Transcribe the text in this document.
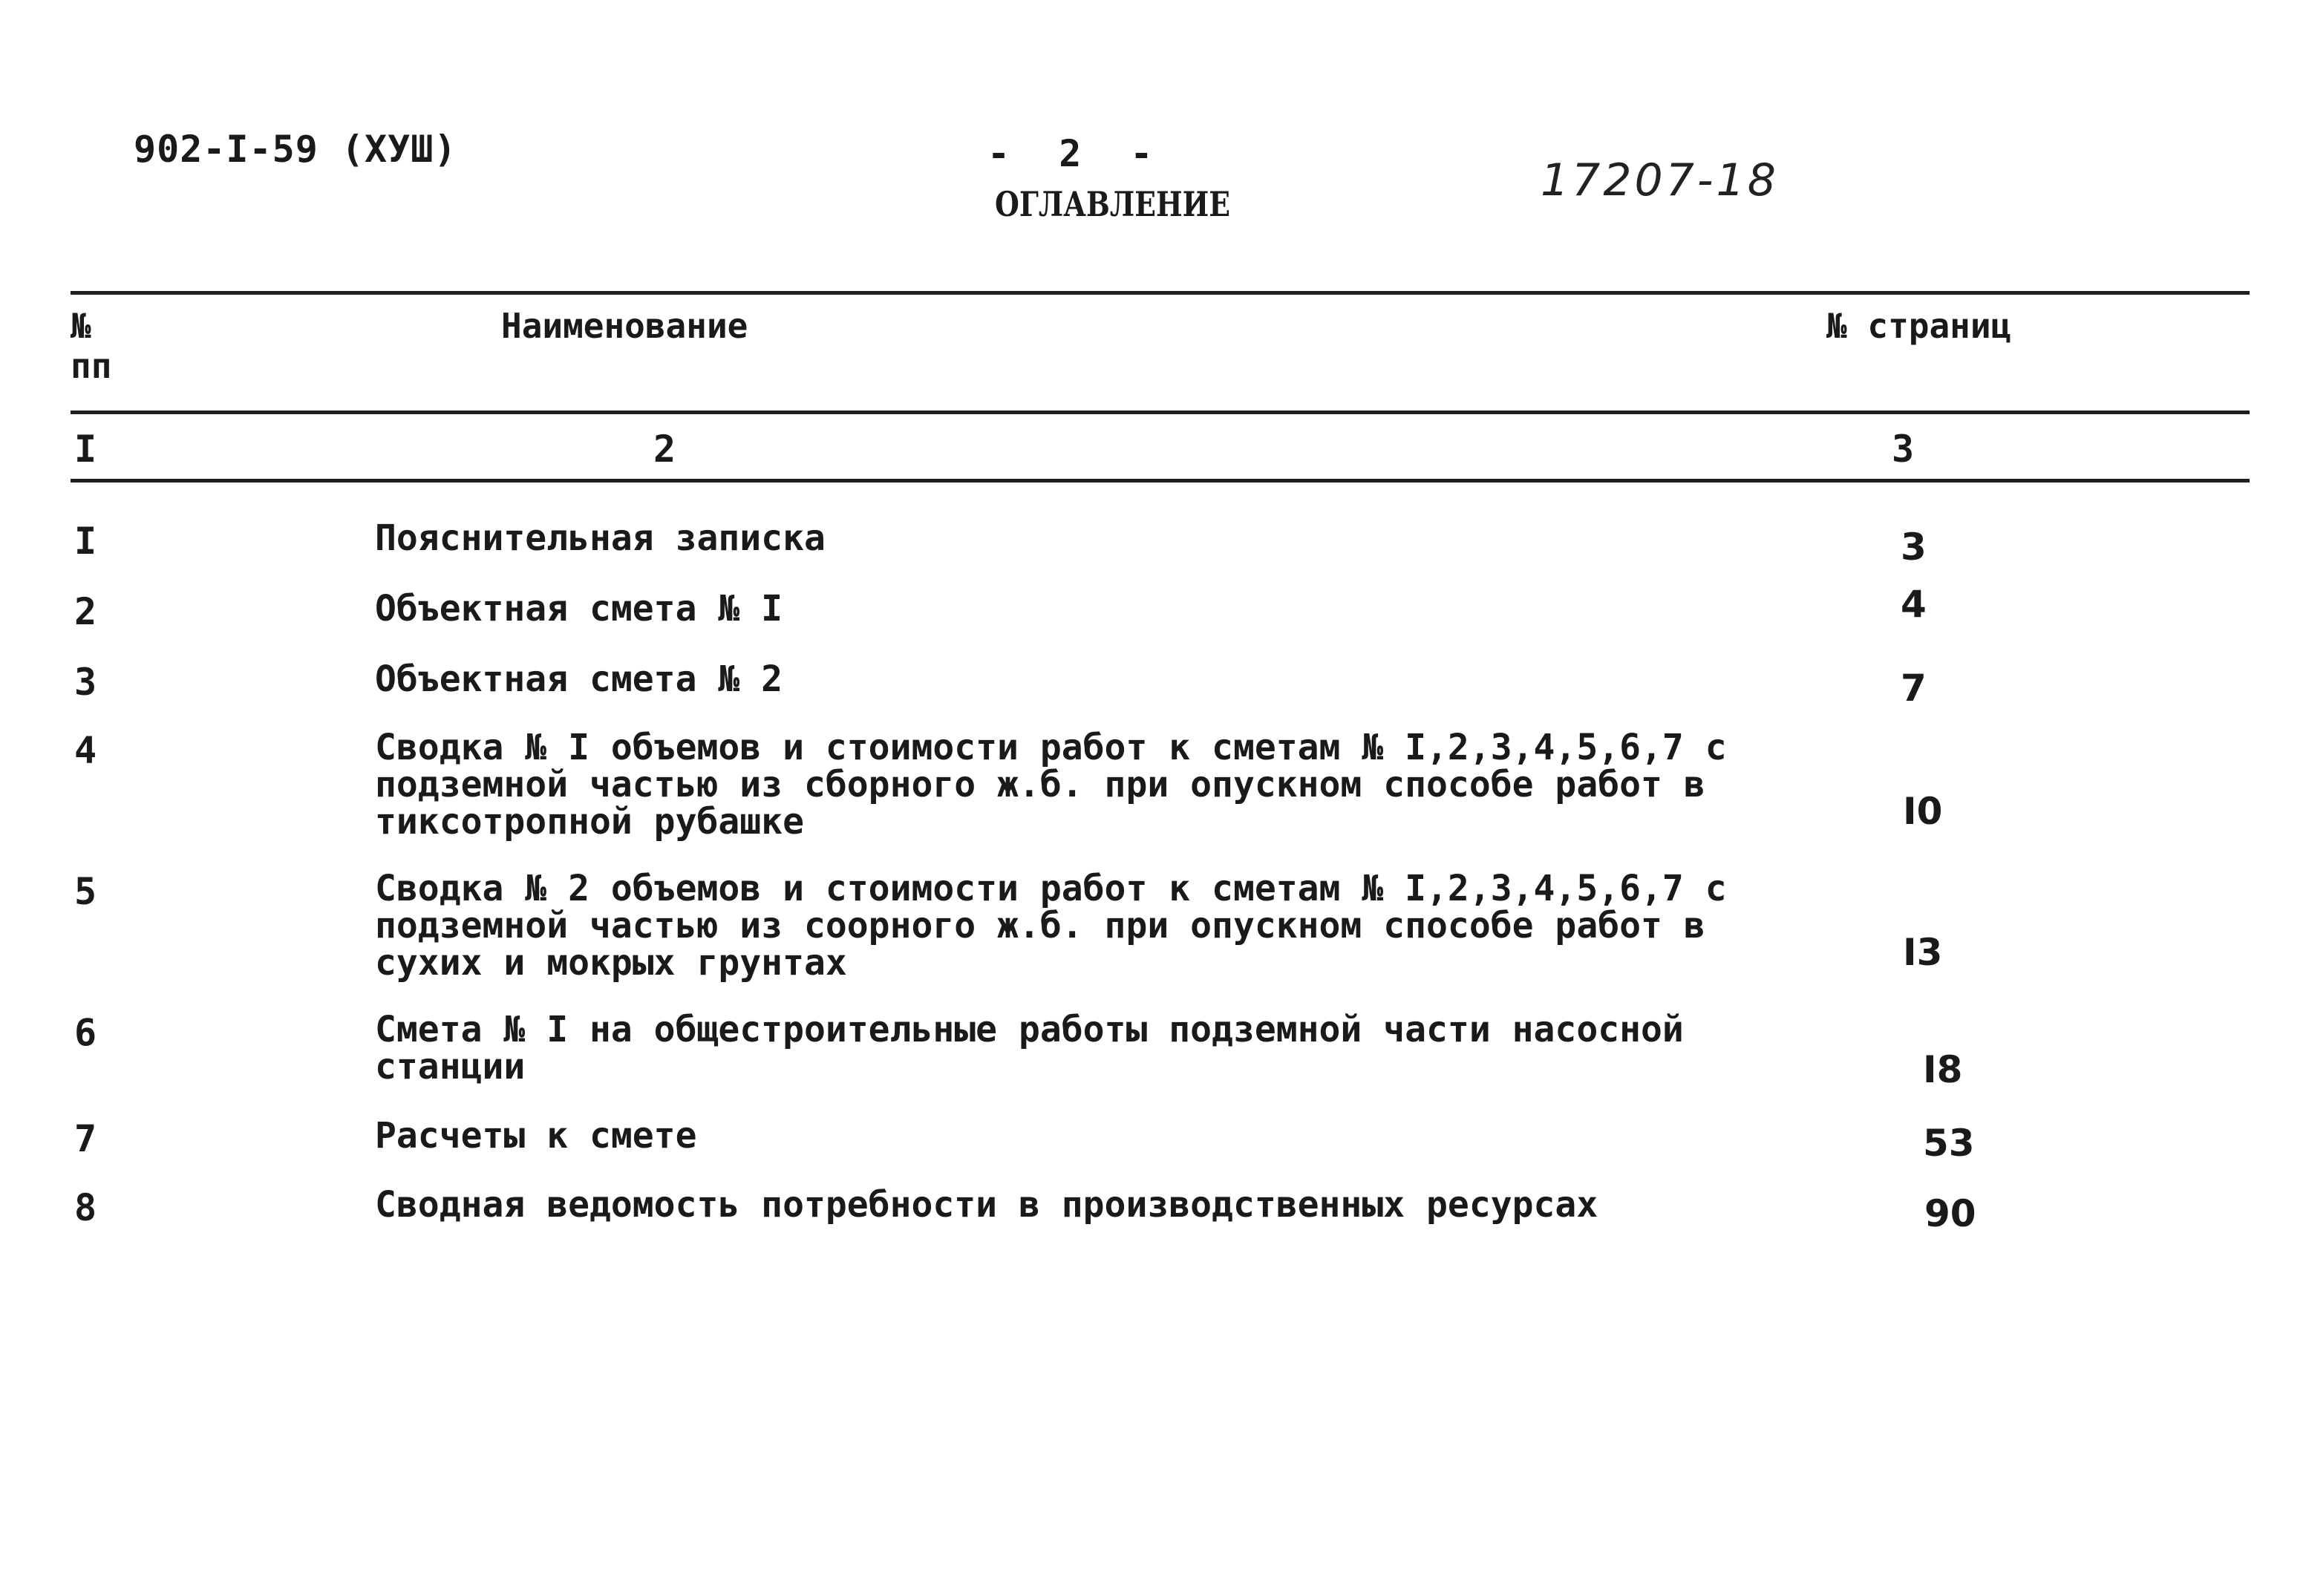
902-I-59 (XУШ)	- 2 -
ОГЛАВЛЕНИЕ	17207-18
№ пп
Наименование	№ страниц
I	2	3
I	Пояснительная записка	3
2	Объектная смета № I	4
3	Объектная смета № 2	7
4	Сводка № I объемов и стоимости работ к сметам № I,2,3,4,5,6,7 с подземной частью из сборного ж.б. при опускном способе работ в тиксотропной рубашке	I0
5	Сводка № 2 объемов и стоимости работ к сметам № I,2,3,4,5,6,7 с подземной частью из соорного ж.б. при опускном способе работ в сухих и мокрых грунтах	I3
6	Смета № I на общестроительные работы подземной части насосной станции	I8
7	Расчеты к смете	53
8	Сводная ведомость потребности в производственных ресурсах	90
